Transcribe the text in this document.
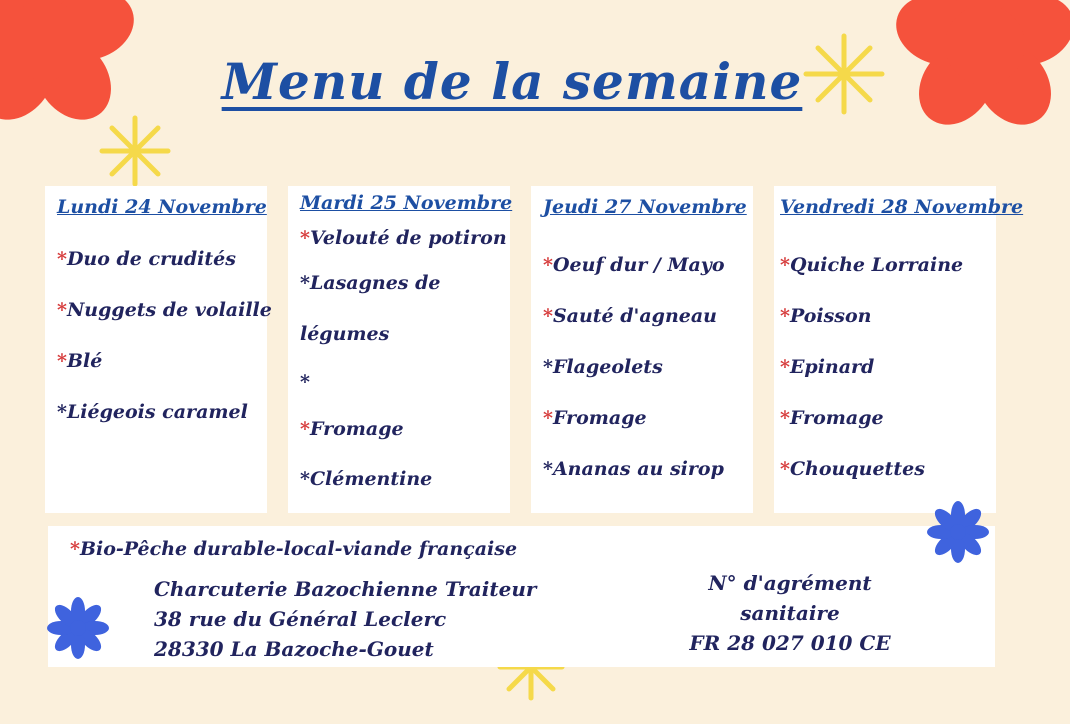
Menu de la semaine
Lundi 24 Novembre
*Duo de crudités
*Nuggets de volaille
*Blé
*Liégeois caramel
Mardi 25 Novembre
*Velouté de potiron
*Lasagnes de légumes
*
*Fromage
*Clémentine
Jeudi 27 Novembre
*Oeuf dur / Mayo
*Sauté d'agneau
*Flageolets
*Fromage
*Ananas au sirop
Vendredi 28 Novembre
*Quiche Lorraine
*Poisson
*Epinard
*Fromage
*Chouquettes
*Bio-Pêche durable-local-viande française
Charcuterie Bazochienne Traiteur
38 rue du Général Leclerc
28330 La Bazoche-Gouet
N° d'agrément sanitaire
FR 28 027 010 CE
